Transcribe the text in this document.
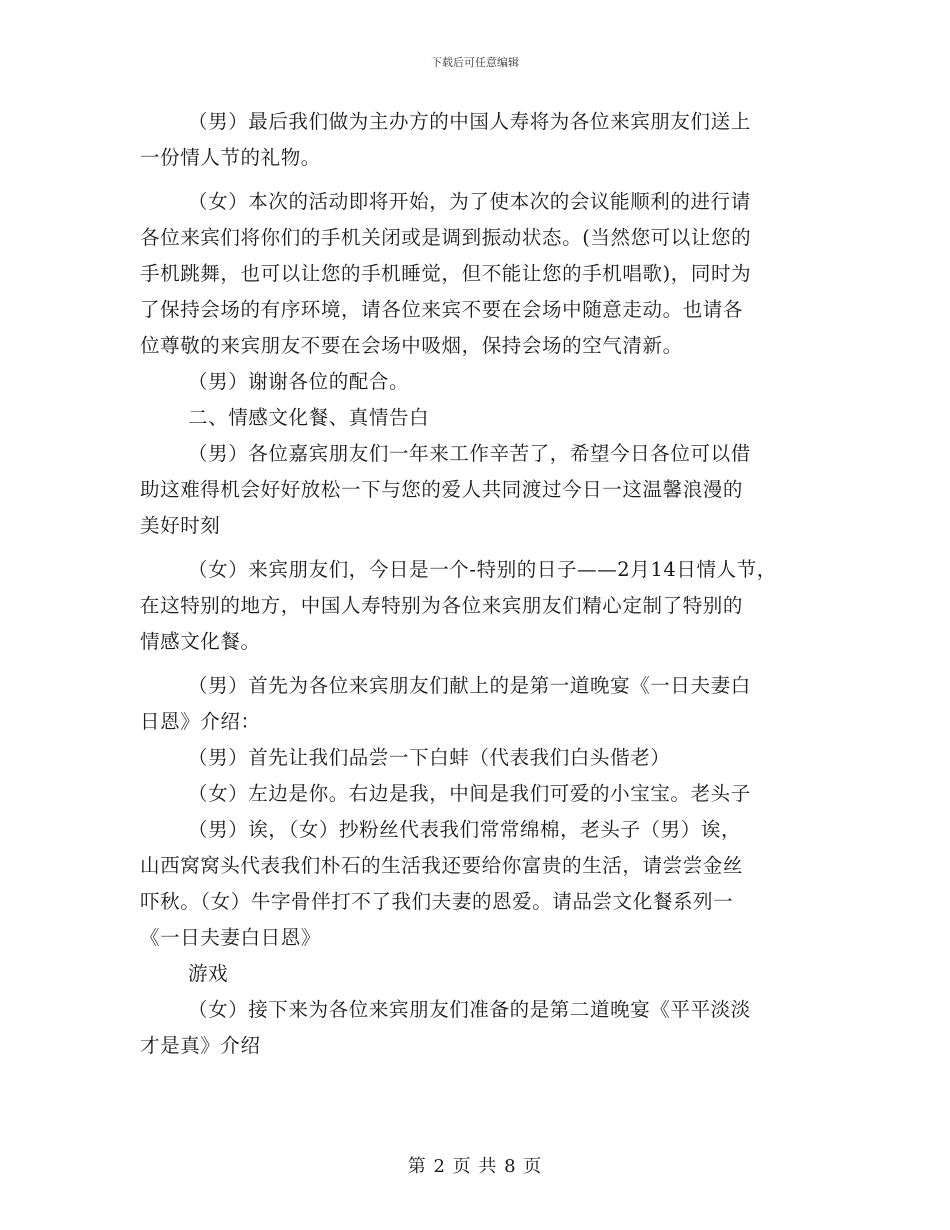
下载后可任意编辑
（男）最后我们做为主办方的中国人寿将为各位来宾朋友们送上
一份情人节的礼物。
（女）本次的活动即将开始，为了使本次的会议能顺利的进行请
各位来宾们将你们的手机关闭或是调到振动状态。(当然您可以让您的
手机跳舞，也可以让您的手机睡觉，但不能让您的手机唱歌)，同时为
了保持会场的有序环境，请各位来宾不要在会场中随意走动。也请各
位尊敬的来宾朋友不要在会场中吸烟，保持会场的空气清新。
（男）谢谢各位的配合。
二、情感文化餐、真情告白
（男）各位嘉宾朋友们一年来工作辛苦了，希望今日各位可以借
助这难得机会好好放松一下与您的爱人共同渡过今日一这温馨浪漫的
美好时刻
（女）来宾朋友们，今日是一个-特别的日子——2月14日情人节，
在这特别的地方，中国人寿特别为各位来宾朋友们精心定制了特别的
情感文化餐。
（男）首先为各位来宾朋友们献上的是第一道晚宴《一日夫妻白
日恩》介绍：
（男）首先让我们品尝一下白蚌（代表我们白头偕老）
（女）左边是你。右边是我，中间是我们可爱的小宝宝。老头子
（男）诶，（女）抄粉丝代表我们常常绵棉，老头子（男）诶，
山西窝窝头代表我们朴石的生活我还要给你富贵的生活，请尝尝金丝
吓秋。（女）牛字骨伴打不了我们夫妻的恩爱。请品尝文化餐系列一
《一日夫妻白日恩》
游戏
（女）接下来为各位来宾朋友们准备的是第二道晚宴《平平淡淡
才是真》介绍
第 2 页 共 8 页
